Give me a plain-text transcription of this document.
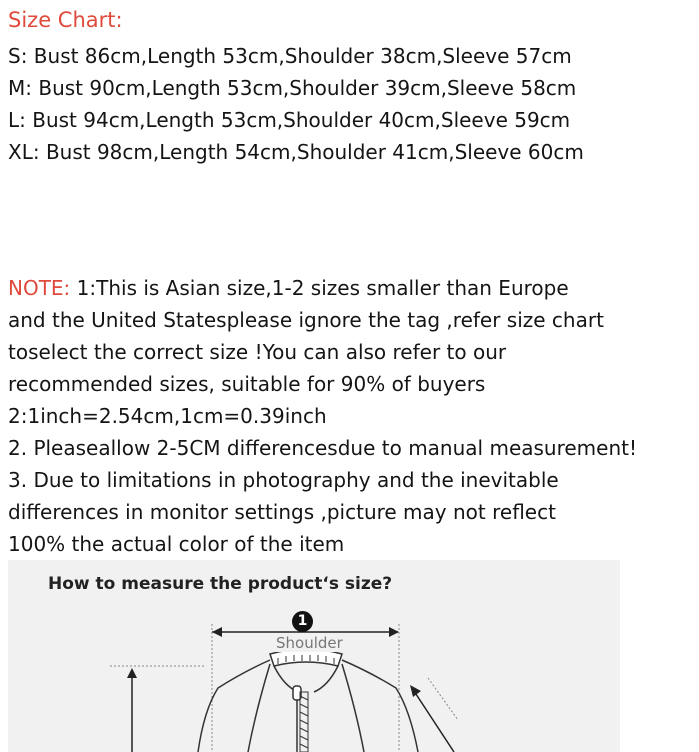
Size Chart:
S: Bust 86cm,Length 53cm,Shoulder 38cm,Sleeve 57cm
M: Bust 90cm,Length 53cm,Shoulder 39cm,Sleeve 58cm
L: Bust 94cm,Length 53cm,Shoulder 40cm,Sleeve 59cm
XL: Bust 98cm,Length 54cm,Shoulder 41cm,Sleeve 60cm
NOTE: 1:This is Asian size,1-2 sizes smaller than Europe
and the United Statesplease ignore the tag ,refer size chart
toselect the correct size !You can also refer to our
recommended sizes, suitable for 90% of buyers
2:1inch=2.54cm,1cm=0.39inch
2. Pleaseallow 2-5CM differencesdue to manual measurement!
3. Due to limitations in photography and the inevitable
differences in monitor settings ,picture may not reflect
100% the actual color of the item
How to measure the product‘s size?
1
Shoulder
